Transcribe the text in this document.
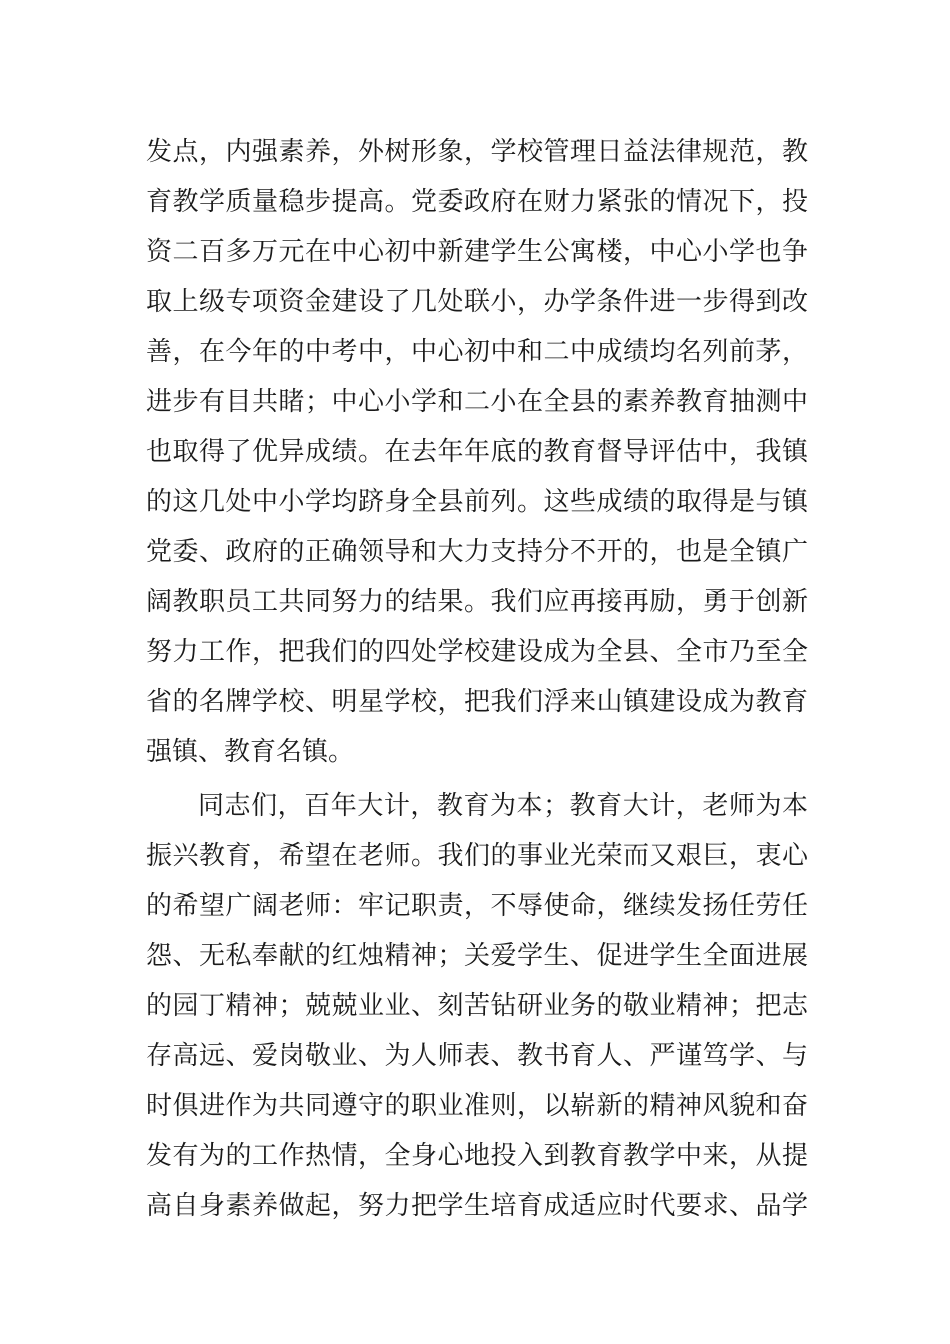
发点，内强素养，外树形象，学校管理日益法律规范，教
育教学质量稳步提高。党委政府在财力紧张的情况下，投
资二百多万元在中心初中新建学生公寓楼，中心小学也争
取上级专项资金建设了几处联小，办学条件进一步得到改
善，在今年的中考中，中心初中和二中成绩均名列前茅，
进步有目共睹；中心小学和二小在全县的素养教育抽测中
也取得了优异成绩。在去年年底的教育督导评估中，我镇
的这几处中小学均跻身全县前列。这些成绩的取得是与镇
党委、政府的正确领导和大力支持分不开的，也是全镇广
阔教职员工共同努力的结果。我们应再接再励，勇于创新
努力工作，把我们的四处学校建设成为全县、全市乃至全
省的名牌学校、明星学校，把我们浮来山镇建设成为教育
强镇、教育名镇。
同志们，百年大计，教育为本；教育大计，老师为本
振兴教育，希望在老师。我们的事业光荣而又艰巨，衷心
的希望广阔老师：牢记职责，不辱使命，继续发扬任劳任
怨、无私奉献的红烛精神；关爱学生、促进学生全面进展
的园丁精神；兢兢业业、刻苦钻研业务的敬业精神；把志
存高远、爱岗敬业、为人师表、教书育人、严谨笃学、与
时俱进作为共同遵守的职业准则，以崭新的精神风貌和奋
发有为的工作热情，全身心地投入到教育教学中来，从提
高自身素养做起，努力把学生培育成适应时代要求、品学
